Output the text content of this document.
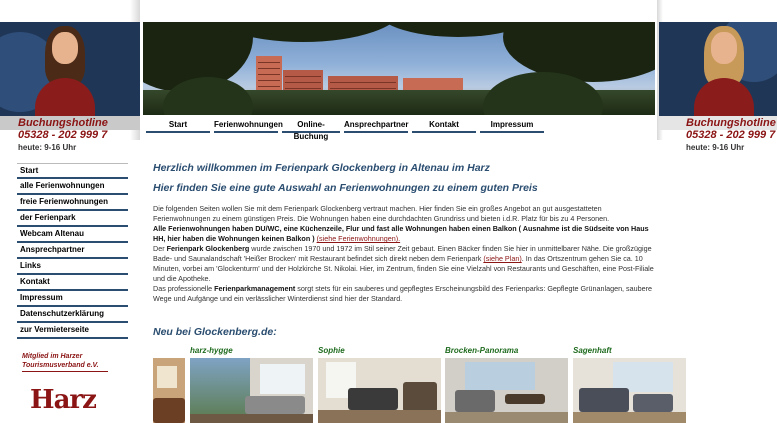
Buchungshotline
05328 - 202 999 7
heute: 9-16 Uhr
Buchungshotline
05328 - 202 999 7
heute: 9-16 Uhr
Start	Ferienwohnungen	Online-Buchung
Ansprechpartner	Kontakt	Impressum
Start
alle Ferienwohnungen
freie Ferienwohnungen
der Ferienpark
Webcam Altenau
Ansprechpartner
Links
Kontakt
Impressum
Datenschutzerklärung
zur Vermieterseite
Mitglied im Harzer
Tourismusverband e.V.
Harz
Herzlich willkommen im Ferienpark Glockenberg in Altenau im Harz
Hier finden Sie eine gute Auswahl an Ferienwohnungen zu einem guten Preis
Die folgenden Seiten wollen Sie mit dem Ferienpark Glockenberg vertraut machen. Hier finden Sie ein großes Angebot an gut ausgestatteten Ferienwohnungen zu einem günstigen Preis. Die Wohnungen haben eine durchdachten Grundriss und bieten i.d.R. Platz für bis zu 4 Personen.
Alle Ferienwohnungen haben DU/WC, eine Küchenzeile, Flur und fast alle Wohnungen haben einen Balkon ( Ausnahme ist die Südseite von Haus HH, hier haben die Wohnungen keinen Balkon ) (siehe Ferienwohnungen).
Der Ferienpark Glockenberg wurde zwischen 1970 und 1972 im Stil seiner Zeit gebaut. Einen Bäcker finden Sie hier in unmittelbarer Nähe. Die großzügige Bade- und Saunalandschaft 'Heißer Brocken' mit Restaurant befindet sich direkt neben dem Ferienpark (siehe Plan). In das Ortszentrum gehen Sie ca. 10 Minuten, vorbei am 'Glockenturm' und der Holzkirche St. Nikolai. Hier, im Zentrum, finden Sie eine Vielzahl von Restaurants und Geschäften, eine Post-Filiale und die Apotheke.
Das professionelle Ferienparkmanagement sorgt stets für ein sauberes und gepflegtes Erscheinungsbild des Ferienparks: Gepflegte Grünanlagen, saubere Wege und Aufgänge und ein verlässlicher Winterdienst sind hier der Standard.
Neu bei Glockenberg.de:
harz-hygge	Sophie	Brocken-Panorama	Sagenhaft
